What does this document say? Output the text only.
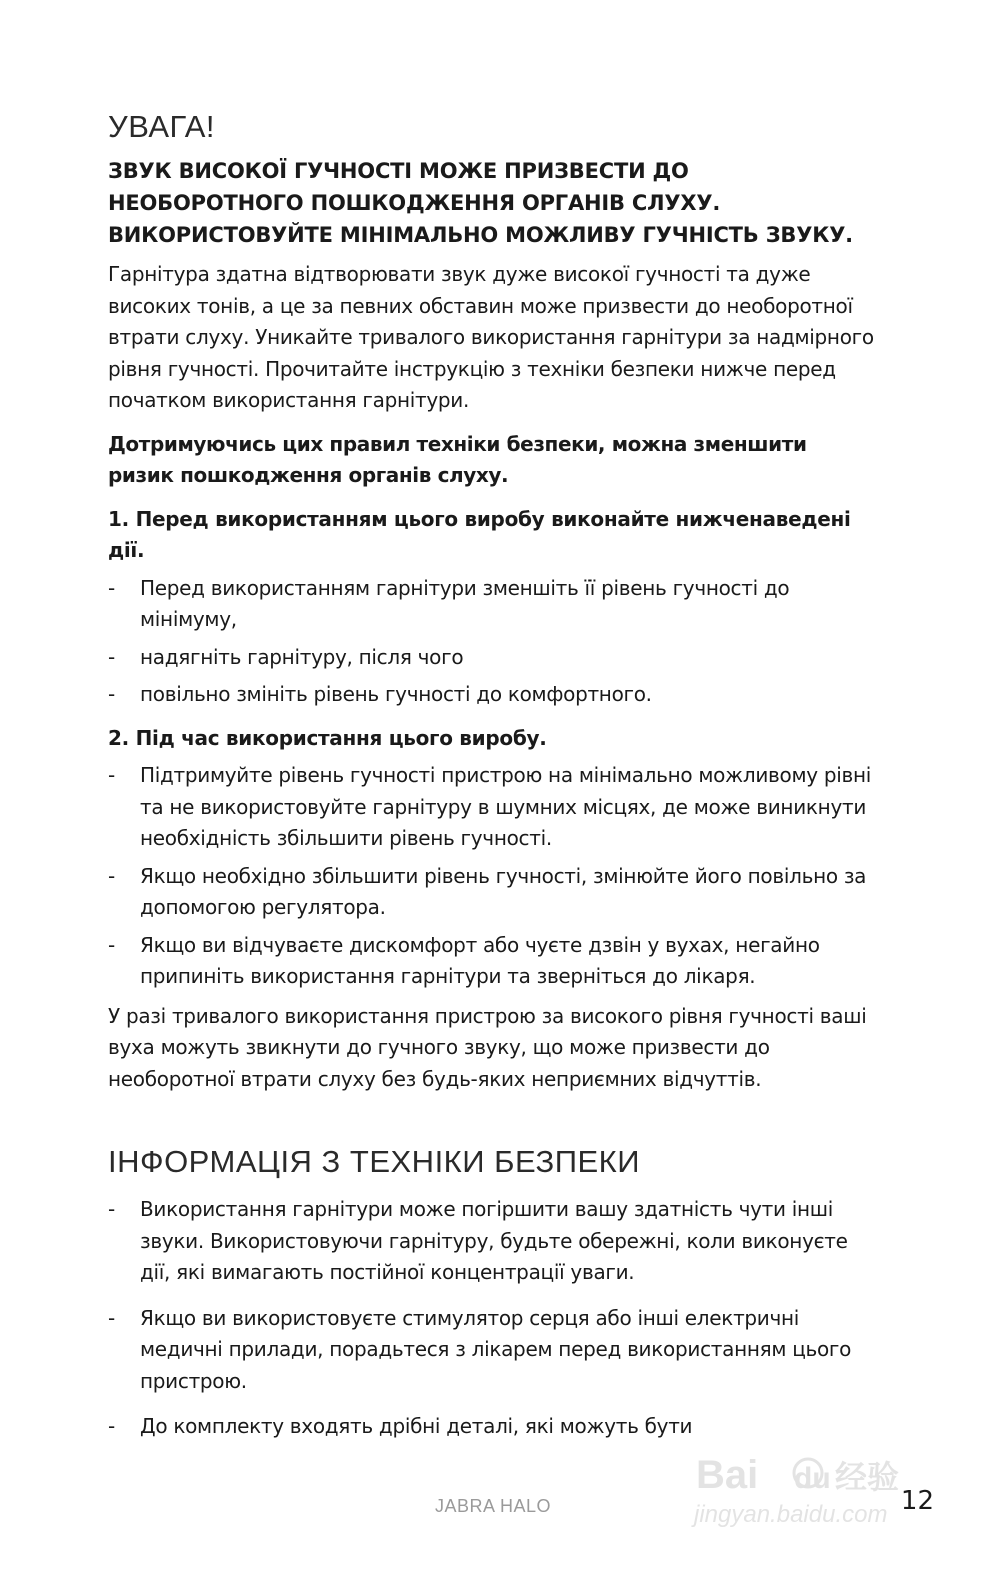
УВАГА!
ЗВУК ВИСОКОЇ ГУЧНОСТІ МОЖЕ ПРИЗВЕСТИ ДО
НЕОБОРОТНОГО ПОШКОДЖЕННЯ ОРГАНІВ СЛУХУ.
ВИКОРИСТОВУЙТЕ МІНІМАЛЬНО МОЖЛИВУ ГУЧНІСТЬ ЗВУКУ.

Гарнітура здатна відтворювати звук дуже високої гучності та дуже високих тонів, а це за певних обставин може призвести до необоротної втрати слуху. Уникайте тривалого використання гарнітури за надмірного рівня гучності. Прочитайте інструкцію з техніки безпеки нижче перед початком використання гарнітури.

Дотримуючись цих правил техніки безпеки, можна зменшити ризик пошкодження органів слуху.

1. Перед використанням цього виробу виконайте нижченаведені дії.
- Перед використанням гарнітури зменшіть її рівень гучності до мінімуму,
- надягніть гарнітуру, після чого
- повільно змініть рівень гучності до комфортного.
2. Під час використання цього виробу.
- Підтримуйте рівень гучності пристрою на мінімально можливому рівні та не використовуйте гарнітуру в шумних місцях, де може виникнути необхідність збільшити рівень гучності.
- Якщо необхідно збільшити рівень гучності, змінюйте його повільно за допомогою регулятора.
- Якщо ви відчуваєте дискомфорт або чуєте дзвін у вухах, негайно припиніть використання гарнітури та зверніться до лікаря.

У разі тривалого використання пристрою за високого рівня гучності ваші вуха можуть звикнути до гучного звуку, що може призвести до необоротної втрати слуху без будь-яких неприємних відчуттів.

ІНФОРМАЦІЯ З ТЕХНІКИ БЕЗПЕКИ
- Використання гарнітури може погіршити вашу здатність чути інші звуки. Використовуючи гарнітуру, будьте обережні, коли виконуєте дії, які вимагають постійної концентрації уваги.
- Якщо ви використовуєте стимулятор серця або інші електричні медичні прилади, порадьтеся з лікарем перед використанням цього пристрою.
- До комплекту входять дрібні деталі, які можуть бути
Bai du 经验
jingyan.baidu.com
JABRA HALO	12
